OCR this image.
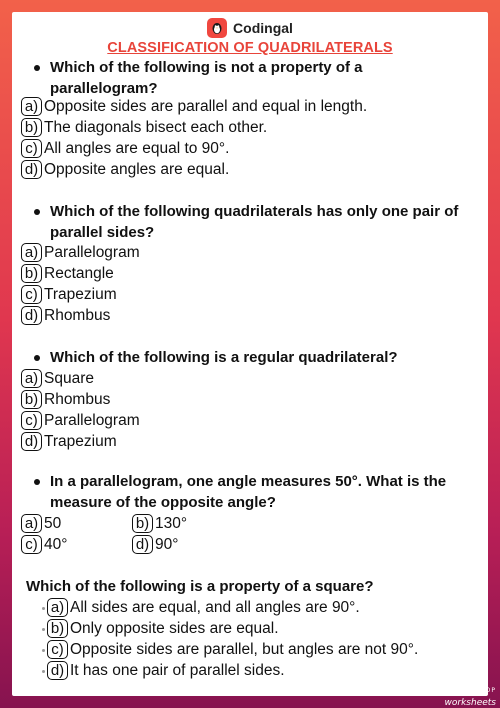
Codingal
CLASSIFICATION OF QUADRILATERALS
Which of the following is not a property of a parallelogram?
a) Opposite sides are parallel and equal in length.
b) The diagonals bisect each other.
c) All angles are equal to 90°.
d) Opposite angles are equal.
Which of the following quadrilaterals has only one pair of parallel sides?
a) Parallelogram
b) Rectangle
c) Trapezium
d) Rhombus
Which of the following is a regular quadrilateral?
a) Square
b) Rhombus
c) Parallelogram
d) Trapezium
In a parallelogram, one angle measures 50°. What is the measure of the opposite angle?
a) 50	b) 130°
c) 40°	d) 90°
Which of the following is a property of a square?
a) All sides are equal, and all angles are 90°.
b) Only opposite sides are equal.
c) Opposite sides are parallel, but angles are not 90°.
d) It has one pair of parallel sides.
TOP
worksheets
